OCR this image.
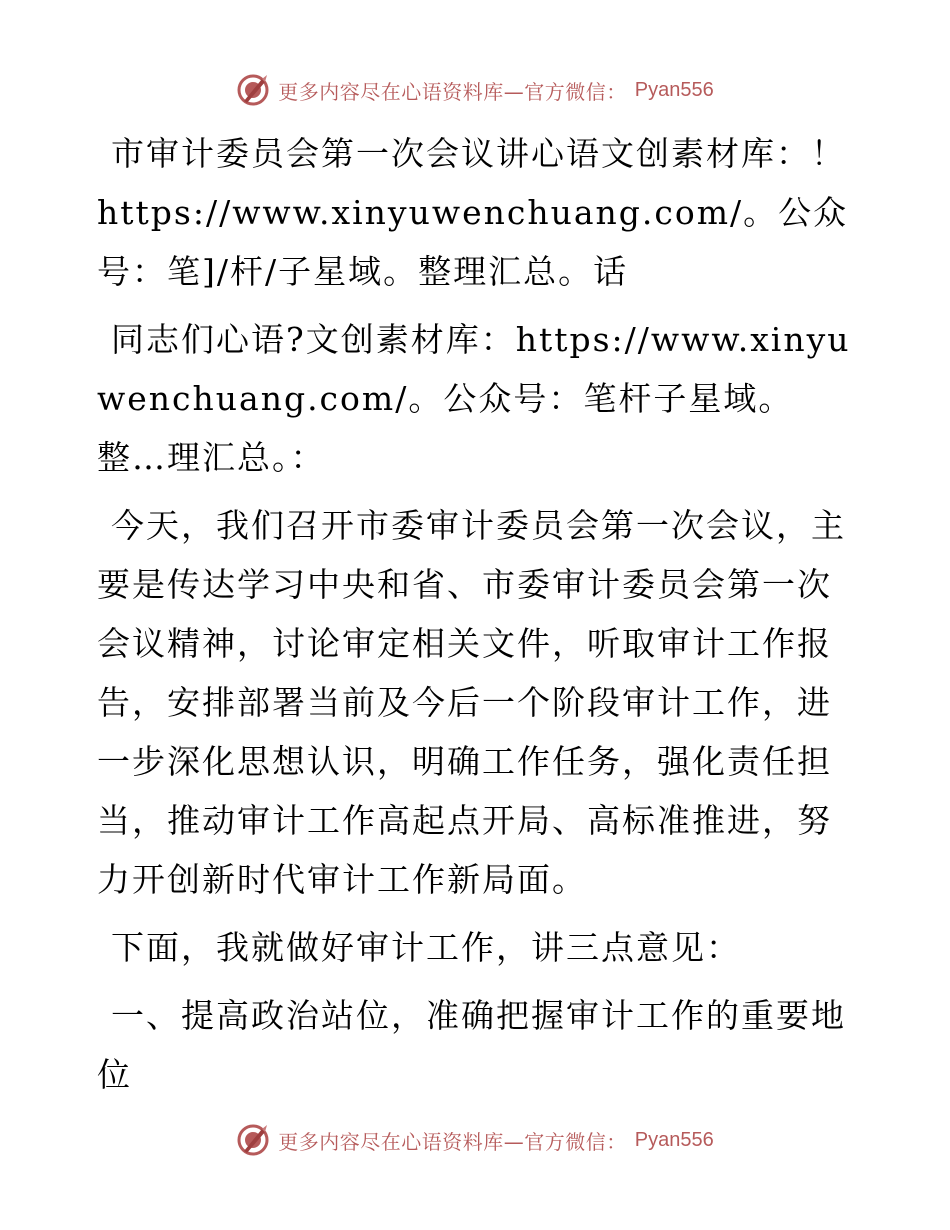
更多内容尽在心语资料库—官方微信： Pyan556

市审计委员会第一次会议讲心语文创素材库：！https://www.xinyuwenchuang.com/。公众号：笔]/杆/子星域。整理汇总。话

同志们心语?文创素材库：https://www.xinyuwenchuang.com/。公众号：笔杆子星域。整…理汇总。：

今天，我们召开市委审计委员会第一次会议，主要是传达学习中央和省、市委审计委员会第一次会议精神，讨论审定相关文件，听取审计工作报告，安排部署当前及今后一个阶段审计工作，进一步深化思想认识，明确工作任务，强化责任担当，推动审计工作高起点开局、高标准推进，努力开创新时代审计工作新局面。

下面，我就做好审计工作，讲三点意见：

一、提高政治站位，准确把握审计工作的重要地位

更多内容尽在心语资料库—官方微信： Pyan556
